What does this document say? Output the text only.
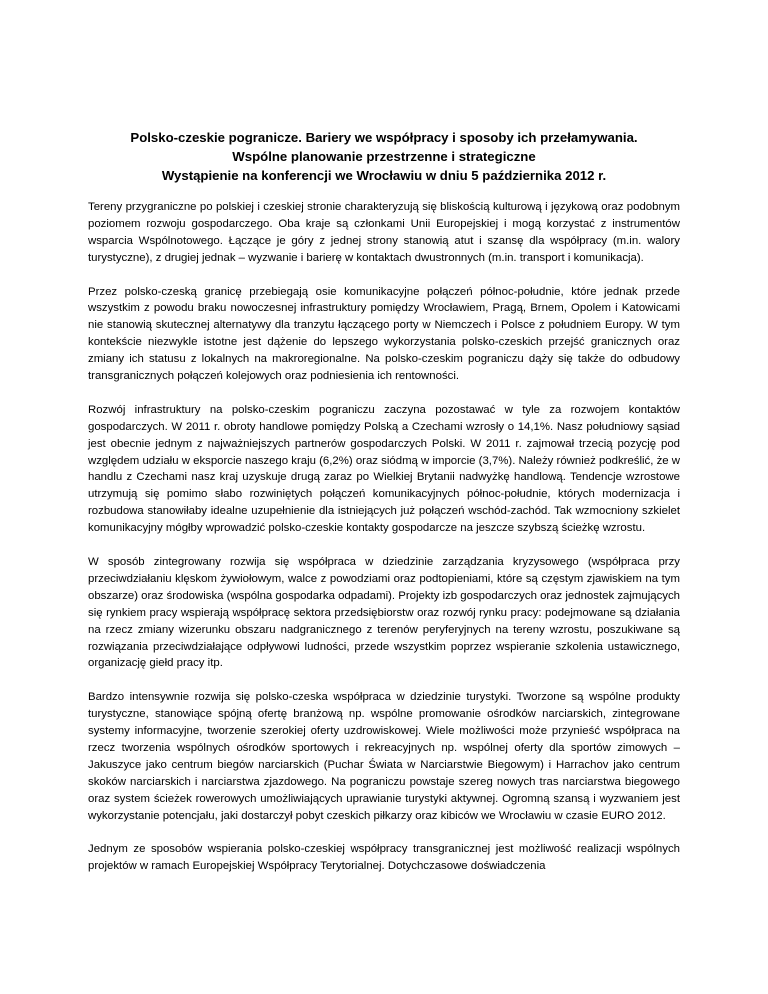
Polsko-czeskie pogranicze. Bariery we współpracy i sposoby ich przełamywania.
Wspólne planowanie przestrzenne i strategiczne
Wystąpienie na konferencji we Wrocławiu w dniu 5 października 2012 r.

Tereny przygraniczne po polskiej i czeskiej stronie charakteryzują się bliskością kulturową i językową oraz podobnym poziomem rozwoju gospodarczego. Oba kraje są członkami Unii Europejskiej i mogą korzystać z instrumentów wsparcia Wspólnotowego. Łączące je góry z jednej strony stanowią atut i szansę dla współpracy (m.in. walory turystyczne), z drugiej jednak – wyzwanie i barierę w kontaktach dwustronnych (m.in. transport i komunikacja).

Przez polsko-czeską granicę przebiegają osie komunikacyjne połączeń północ-południe, które jednak przede wszystkim z powodu braku nowoczesnej infrastruktury pomiędzy Wrocławiem, Pragą, Brnem, Opolem i Katowicami nie stanowią skutecznej alternatywy dla tranzytu łączącego porty w Niemczech i Polsce z południem Europy. W tym kontekście niezwykle istotne jest dążenie do lepszego wykorzystania polsko-czeskich przejść granicznych oraz zmiany ich statusu z lokalnych na makroregionalne. Na polsko-czeskim pograniczu dąży się także do odbudowy transgranicznych połączeń kolejowych oraz podniesienia ich rentowności.

Rozwój infrastruktury na polsko-czeskim pograniczu zaczyna pozostawać w tyle za rozwojem kontaktów gospodarczych. W 2011 r. obroty handlowe pomiędzy Polską a Czechami wzrosły o 14,1%. Nasz południowy sąsiad jest obecnie jednym z najważniejszych partnerów gospodarczych Polski. W 2011 r. zajmował trzecią pozycję pod względem udziału w eksporcie naszego kraju (6,2%) oraz siódmą w imporcie (3,7%). Należy również podkreślić, że w handlu z Czechami nasz kraj uzyskuje drugą zaraz po Wielkiej Brytanii nadwyżkę handlową. Tendencje wzrostowe utrzymują się pomimo słabo rozwiniętych połączeń komunikacyjnych północ-południe, których modernizacja i rozbudowa stanowiłaby idealne uzupełnienie dla istniejących już połączeń wschód-zachód. Tak wzmocniony szkielet komunikacyjny mógłby wprowadzić polsko-czeskie kontakty gospodarcze na jeszcze szybszą ścieżkę wzrostu.

W sposób zintegrowany rozwija się współpraca w dziedzinie zarządzania kryzysowego (współpraca przy przeciwdziałaniu klęskom żywiołowym, walce z powodziami oraz podtopieniami, które są częstym zjawiskiem na tym obszarze) oraz środowiska (wspólna gospodarka odpadami). Projekty izb gospodarczych oraz jednostek zajmujących się rynkiem pracy wspierają współpracę sektora przedsiębiorstw oraz rozwój rynku pracy: podejmowane są działania na rzecz zmiany wizerunku obszaru nadgranicznego z terenów peryferyjnych na tereny wzrostu, poszukiwane są rozwiązania przeciwdziałające odpływowi ludności, przede wszystkim poprzez wspieranie szkolenia ustawicznego, organizację giełd pracy itp.

Bardzo intensywnie rozwija się polsko-czeska współpraca w dziedzinie turystyki. Tworzone są wspólne produkty turystyczne, stanowiące spójną ofertę branżową np. wspólne promowanie ośrodków narciarskich, zintegrowane systemy informacyjne, tworzenie szerokiej oferty uzdrowiskowej. Wiele możliwości może przynieść współpraca na rzecz tworzenia wspólnych ośrodków sportowych i rekreacyjnych np. wspólnej oferty dla sportów zimowych – Jakuszyce jako centrum biegów narciarskich (Puchar Świata w Narciarstwie Biegowym) i Harrachov jako centrum skoków narciarskich i narciarstwa zjazdowego. Na pograniczu powstaje szereg nowych tras narciarstwa biegowego oraz system ścieżek rowerowych umożliwiających uprawianie turystyki aktywnej. Ogromną szansą i wyzwaniem jest wykorzystanie potencjału, jaki dostarczył pobyt czeskich piłkarzy oraz kibiców we Wrocławiu w czasie EURO 2012.

Jednym ze sposobów wspierania polsko-czeskiej współpracy transgranicznej jest możliwość realizacji wspólnych projektów w ramach Europejskiej Współpracy Terytorialnej. Dotychczasowe doświadczenia
